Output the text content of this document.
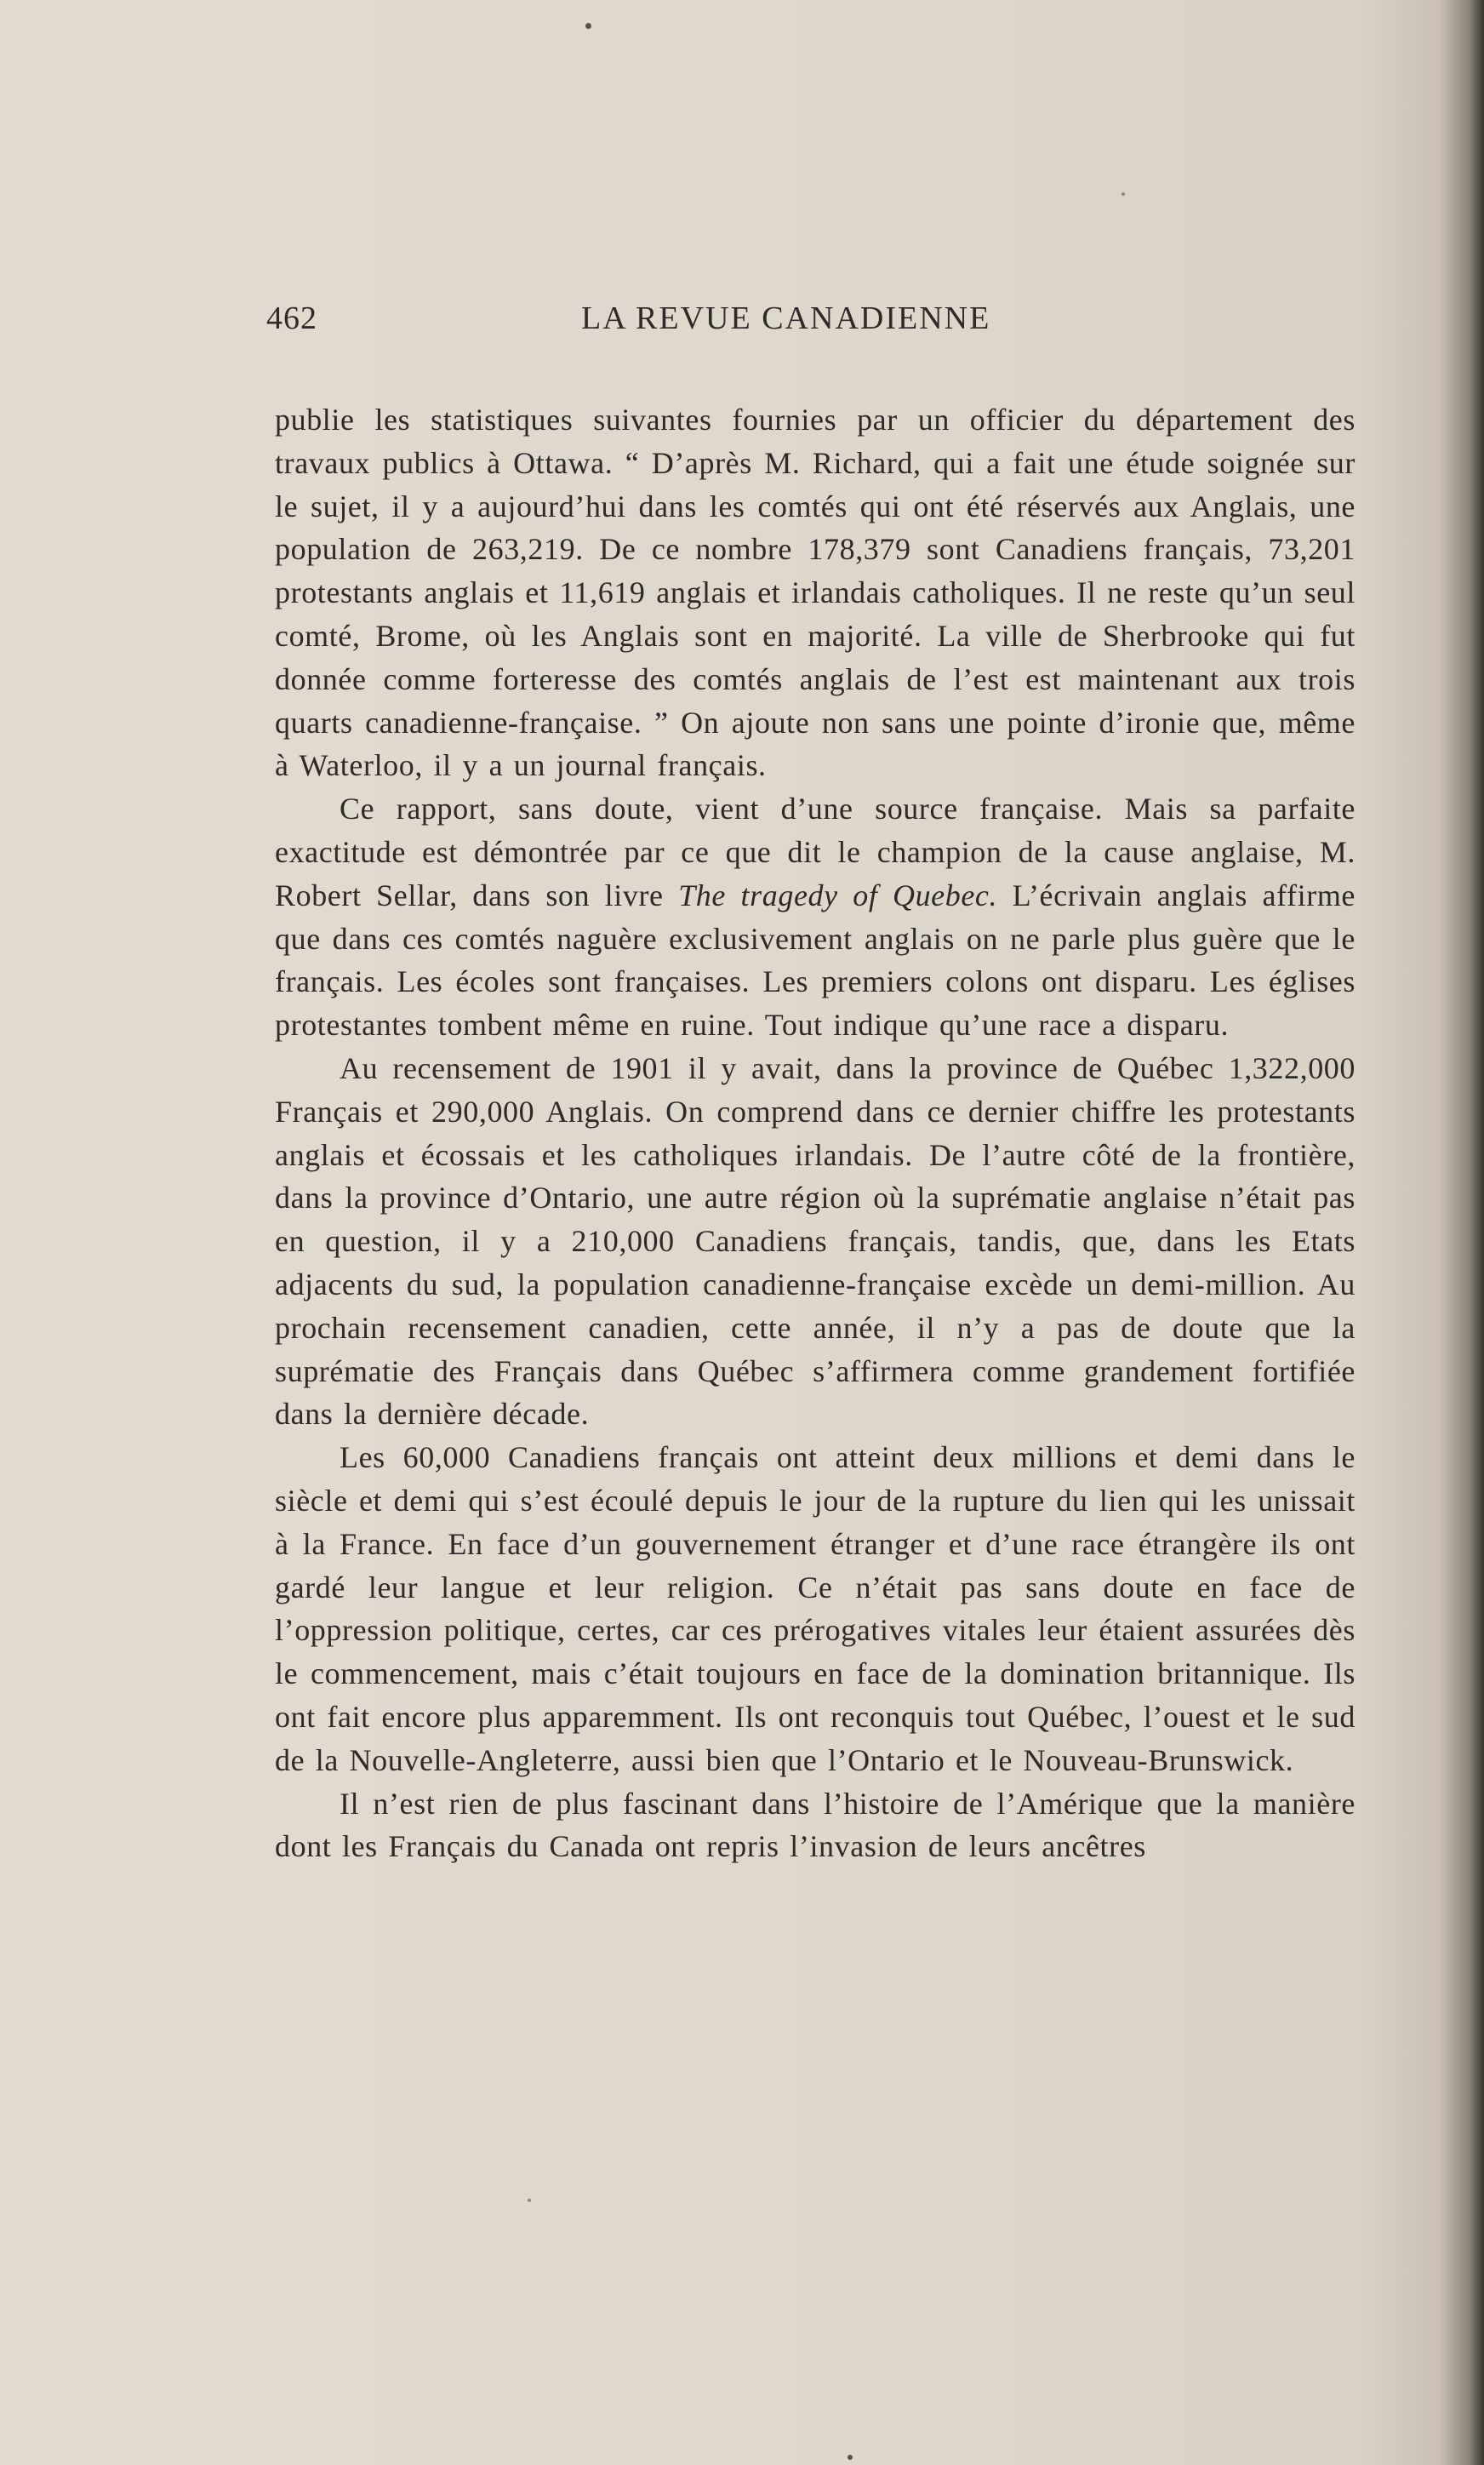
462	LA REVUE CANADIENNE

publie les statistiques suivantes fournies par un officier du département des travaux publics à Ottawa. “ D’après M. Richard, qui a fait une étude soignée sur le sujet, il y a aujourd’hui dans les comtés qui ont été réservés aux Anglais, une population de 263,219. De ce nombre 178,379 sont Canadiens français, 73,201 protestants anglais et 11,619 anglais et irlandais catholiques. Il ne reste qu’un seul comté, Brome, où les Anglais sont en majorité. La ville de Sherbrooke qui fut donnée comme forteresse des comtés anglais de l’est est maintenant aux trois quarts canadienne-française. ” On ajoute non sans une pointe d’ironie que, même à Waterloo, il y a un journal français.

Ce rapport, sans doute, vient d’une source française. Mais sa parfaite exactitude est démontrée par ce que dit le champion de la cause anglaise, M. Robert Sellar, dans son livre The tragedy of Quebec. L’écrivain anglais affirme que dans ces comtés naguère exclusivement anglais on ne parle plus guère que le français. Les écoles sont françaises. Les premiers colons ont disparu. Les églises protestantes tombent même en ruine. Tout indique qu’une race a disparu.

Au recensement de 1901 il y avait, dans la province de Québec 1,322,000 Français et 290,000 Anglais. On comprend dans ce dernier chiffre les protestants anglais et écossais et les catholiques irlandais. De l’autre côté de la frontière, dans la province d’Ontario, une autre région où la suprématie anglaise n’était pas en question, il y a 210,000 Canadiens français, tandis, que, dans les Etats adjacents du sud, la population canadienne-française excède un demi-million. Au prochain recensement canadien, cette année, il n’y a pas de doute que la suprématie des Français dans Québec s’affirmera comme grandement fortifiée dans la dernière décade.

Les 60,000 Canadiens français ont atteint deux millions et demi dans le siècle et demi qui s’est écoulé depuis le jour de la rupture du lien qui les unissait à la France. En face d’un gouvernement étranger et d’une race étrangère ils ont gardé leur langue et leur religion. Ce n’était pas sans doute en face de l’oppression politique, certes, car ces prérogatives vitales leur étaient assurées dès le commencement, mais c’était toujours en face de la domination britannique. Ils ont fait encore plus apparemment. Ils ont reconquis tout Québec, l’ouest et le sud de la Nouvelle-Angleterre, aussi bien que l’Ontario et le Nouveau-Brunswick.

Il n’est rien de plus fascinant dans l’histoire de l’Amérique que la manière dont les Français du Canada ont repris l’invasion de leurs ancêtres
